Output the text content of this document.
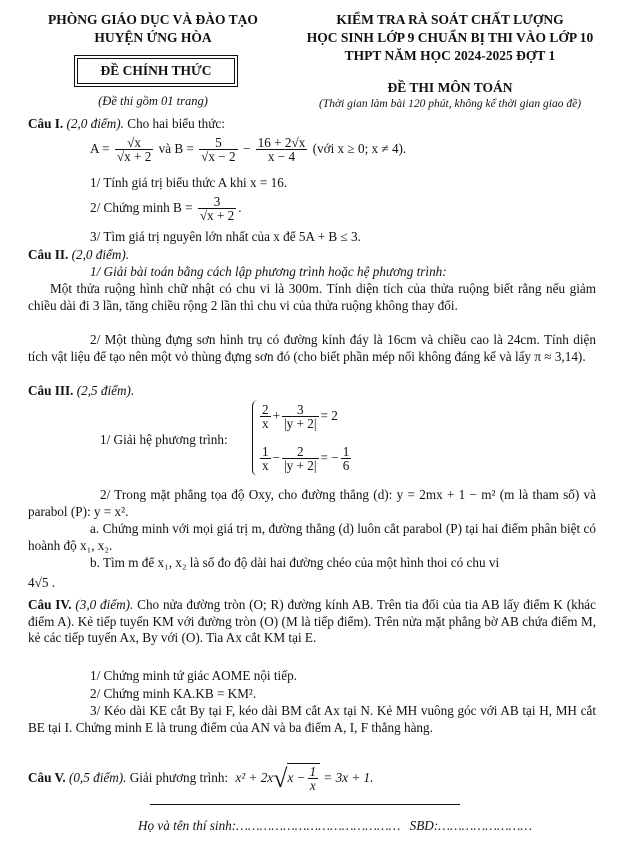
PHÒNG GIÁO DỤC VÀ ĐÀO TẠO
HUYỆN ỨNG HÒA
ĐỀ CHÍNH THỨC
(Đề thi gồm 01 trang)
KIỂM TRA RÀ SOÁT CHẤT LƯỢNG
HỌC SINH LỚP 9 CHUẨN BỊ THI VÀO LỚP 10
THPT NĂM HỌC 2024-2025 ĐỢT 1
ĐỀ THI MÔN TOÁN
(Thời gian làm bài 120 phút, không kể thời gian giao đề)
Câu I. (2,0 điểm). Cho hai biểu thức:
$A = \frac{√x}{√x + 2}$ và $B = \frac{5}{√x - 2} - \frac{16 + 2√x}{x - 4}$ (với x ≥ 0; x ≠ 4).
1/ Tính giá trị biểu thức A khi x = 16.
2/ Chứng minh $B = \frac{3}{√x + 2}$ .
3/ Tìm giá trị nguyên lớn nhất của x để 5A + B ≤ 3.
Câu II. (2,0 điểm).
1/ Giải bài toán bằng cách lập phương trình hoặc hệ phương trình:
Một thửa ruộng hình chữ nhật có chu vi là 300m. Tính diện tích của thửa ruộng biết rằng nếu giảm chiều dài đi 3 lần, tăng chiều rộng 2 lần thì chu vi của thửa ruộng không thay đổi.
2/ Một thùng đựng sơn hình trụ có đường kính đáy là 16cm và chiều cao là 24cm. Tính diện tích vật liệu để tạo nên một vỏ thùng đựng sơn đó (cho biết phần mép nối không đáng kể và lấy π ≈ 3,14).
Câu III. (2,5 điểm).
1/ Giải hệ phương trình:
$\frac{2}{x} + \frac{3}{|y + 2|} = 2$
$\frac{1}{x} - \frac{2}{|y + 2|}$ = − $\frac{1}{6}$
2/ Trong mặt phẳng tọa độ Oxy, cho đường thẳng (d): y = 2mx + 1 − m² (m là tham số) và parabol (P): y = x².
a. Chứng minh với mọi giá trị m, đường thẳng (d) luôn cắt parabol (P) tại hai điểm phân biệt có hoành độ x₁, x₂.
b. Tìm m để x₁, x₂ là số đo độ dài hai đường chéo của một hình thoi có chu vi
4√5 .
Câu IV. (3,0 điểm). Cho nửa đường tròn (O; R) đường kính AB. Trên tia đối của tia AB lấy điểm K (khác điểm A). Kẻ tiếp tuyến KM với đường tròn (O) (M là tiếp điểm). Trên nửa mặt phẳng bờ AB chứa điểm M, kẻ các tiếp tuyến Ax, By với (O). Tia Ax cắt KM tại E.
1/ Chứng minh tứ giác AOME nội tiếp.
2/ Chứng minh KA.KB = KM².
3/ Kéo dài KE cắt By tại F, kéo dài BM cắt Ax tại N. Kẻ MH vuông góc với AB tại H, MH cắt BE tại I. Chứng minh E là trung điểm của AN và ba điểm A, I, F thẳng hàng.
Câu V. (0,5 điểm). Giải phương trình: $x^2 + 2x√x - \frac{1}{x} = 3x + 1$.
Họ và tên thí sinh:…………………………………… SBD:……………………
